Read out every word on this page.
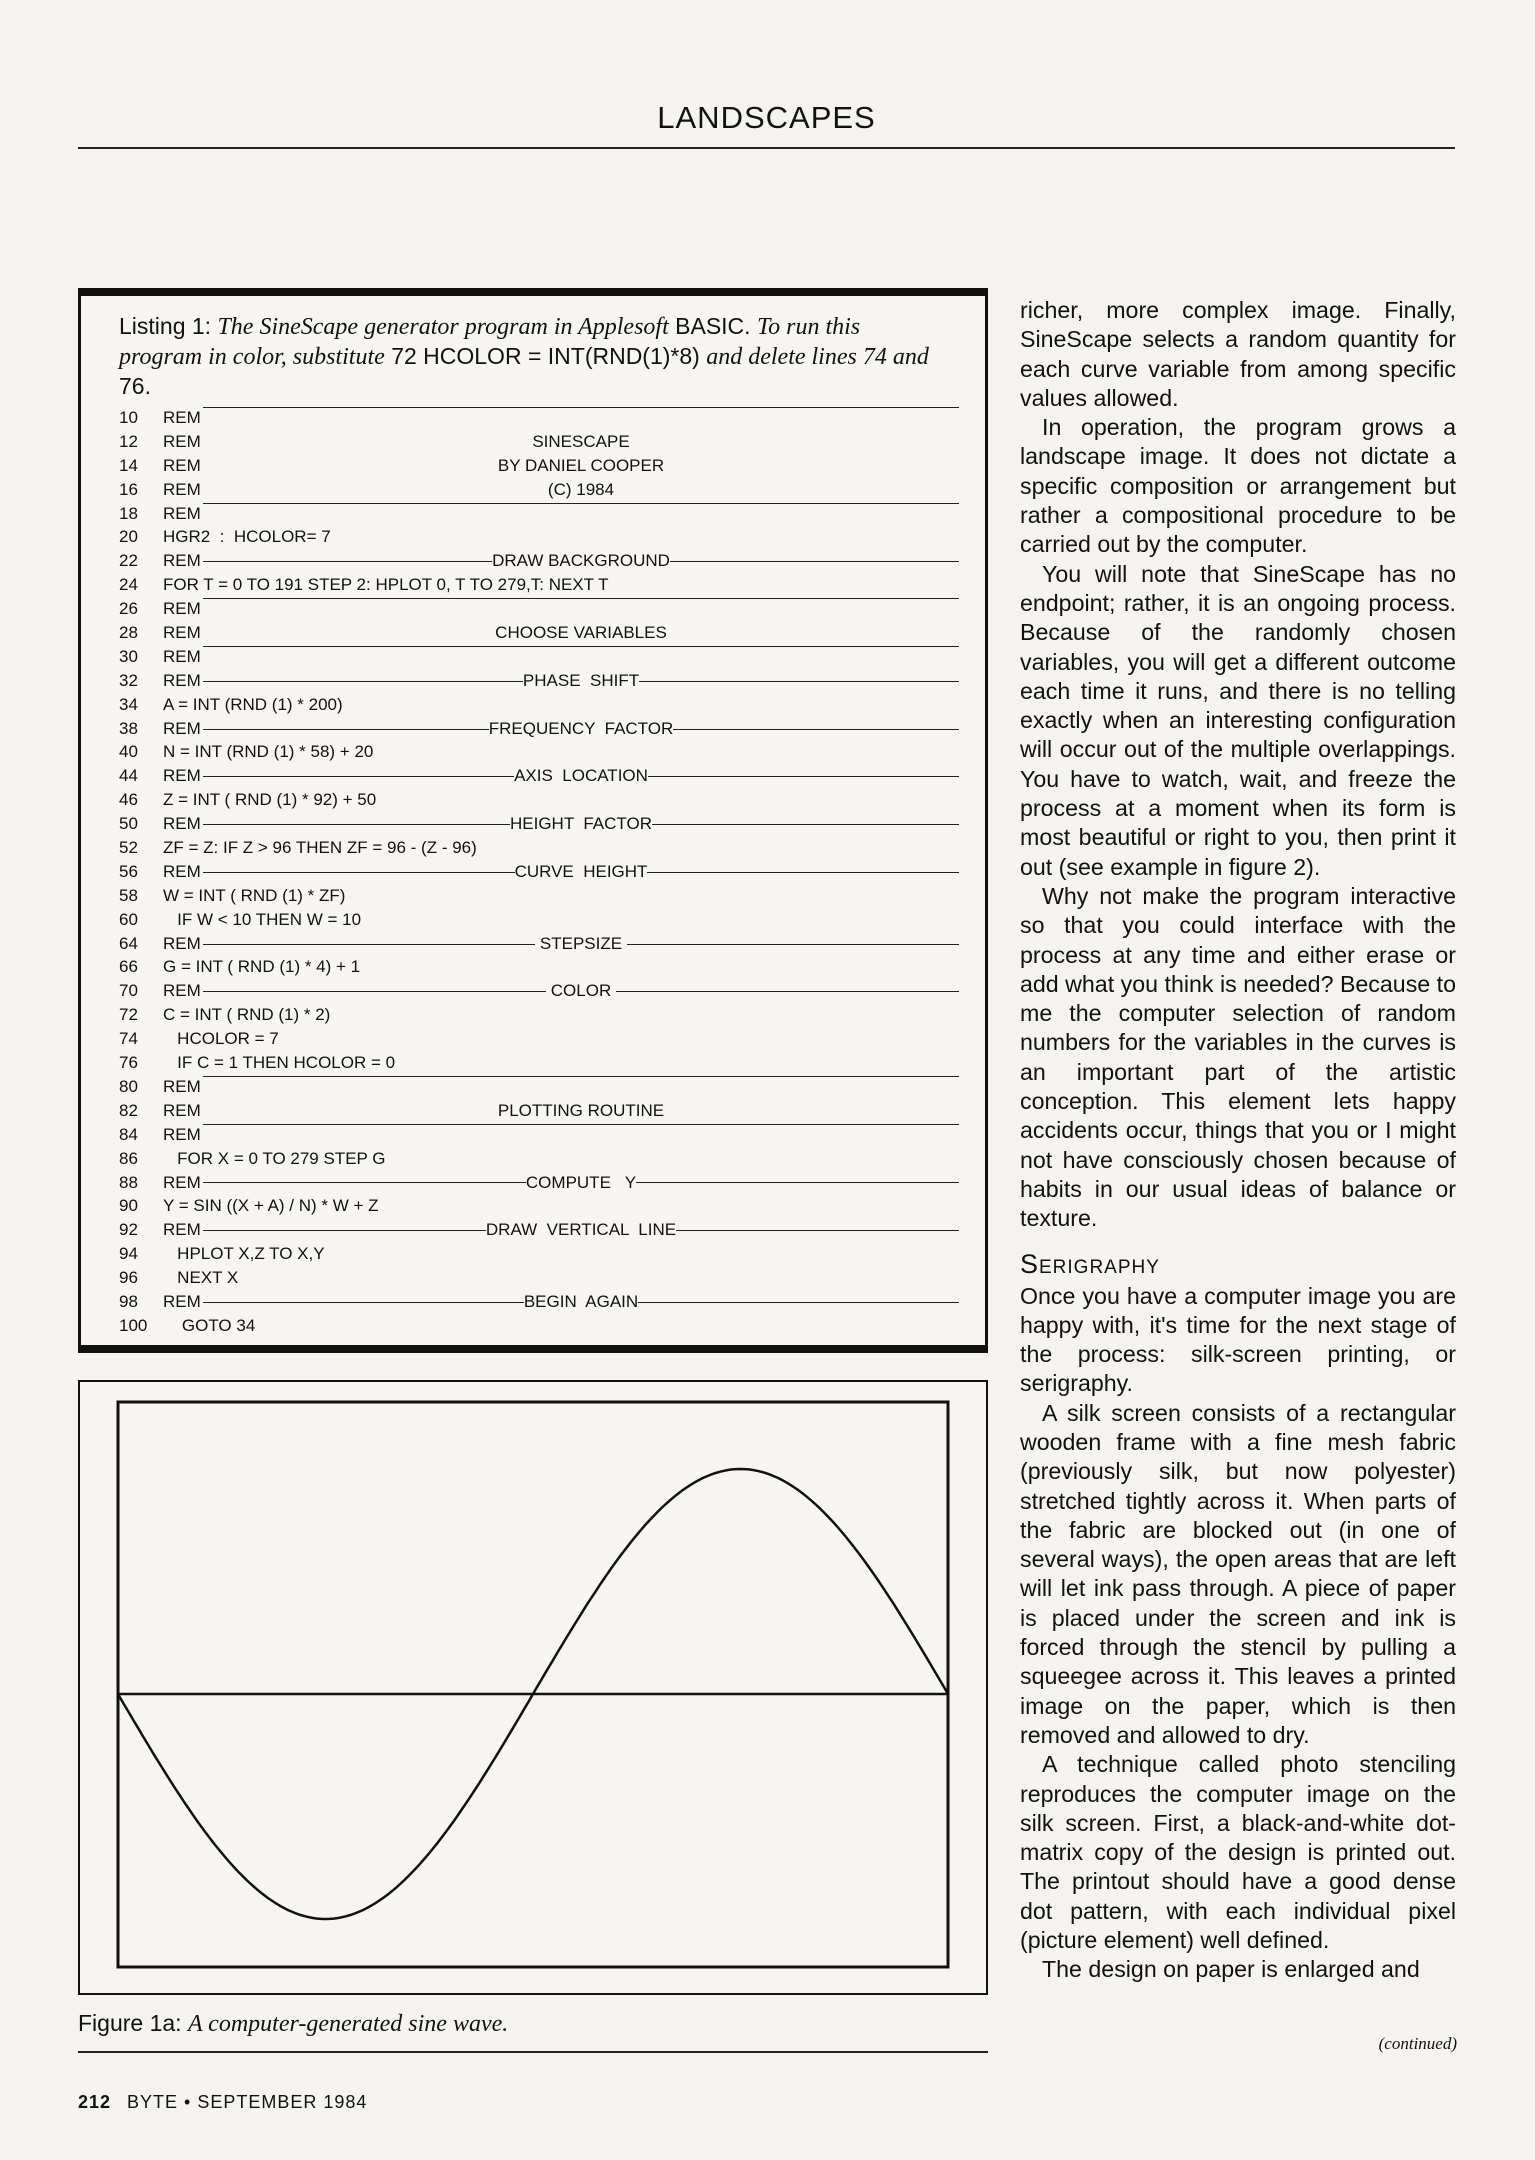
LANDSCAPES
Listing 1: The SineScape generator program in Applesoft BASIC. To run this program in color, substitute 72 HCOLOR = INT(RND(1)*8) and delete lines 74 and 76.
10	REM
12	REM	SINESCAPE
14	REM	BY DANIEL COOPER
16	REM	(C) 1984
18	REM
20	HGR2  :  HCOLOR= 7
22	REM	DRAW BACKGROUND
24	FOR T = 0 TO 191 STEP 2: HPLOT 0, T TO 279,T: NEXT T
26	REM
28	REM	CHOOSE VARIABLES
30	REM
32	REM	PHASE  SHIFT
34	A = INT (RND (1) * 200)
38	REM	FREQUENCY  FACTOR
40	N = INT (RND (1) * 58) + 20
44	REM	AXIS  LOCATION
46	Z = INT ( RND (1) * 92) + 50
50	REM	HEIGHT  FACTOR
52	ZF = Z: IF Z > 96 THEN ZF = 96 - (Z - 96)
56	REM	CURVE  HEIGHT
58	W = INT ( RND (1) * ZF)
60	IF W < 10 THEN W = 10
64	REM	STEPSIZE
66	G = INT ( RND (1) * 4) + 1
70	REM	COLOR
72	C = INT ( RND (1) * 2)
74	HCOLOR = 7
76	IF C = 1 THEN HCOLOR = 0
80	REM
82	REM	PLOTTING ROUTINE
84	REM
86	FOR X = 0 TO 279 STEP G
88	REM	COMPUTE   Y
90	Y = SIN ((X + A) / N) * W + Z
92	REM	DRAW  VERTICAL  LINE
94	HPLOT X,Z TO X,Y
96	NEXT X
98	REM	BEGIN  AGAIN
100 GOTO 34
Figure 1a: A computer-generated sine wave.

richer, more complex image. Finally, SineScape selects a random quantity for each curve variable from among specific values allowed.

In operation, the program grows a landscape image. It does not dictate a specific composition or arrangement but rather a compositional procedure to be carried out by the computer.

You will note that SineScape has no endpoint; rather, it is an ongoing process. Because of the randomly chosen variables, you will get a different outcome each time it runs, and there is no telling exactly when an interesting configuration will occur out of the multiple overlappings. You have to watch, wait, and freeze the process at a moment when its form is most beautiful or right to you, then print it out (see example in figure 2).

Why not make the program interactive so that you could interface with the process at any time and either erase or add what you think is needed? Because to me the computer selection of random numbers for the variables in the curves is an important part of the artistic conception. This element lets happy accidents occur, things that you or I might not have consciously chosen because of habits in our usual ideas of balance or texture.

Serigraphy

Once you have a computer image you are happy with, it's time for the next stage of the process: silk-screen printing, or serigraphy.

A silk screen consists of a rectangular wooden frame with a fine mesh fabric (previously silk, but now polyester) stretched tightly across it. When parts of the fabric are blocked out (in one of several ways), the open areas that are left will let ink pass through. A piece of paper is placed under the screen and ink is forced through the stencil by pulling a squeegee across it. This leaves a printed image on the paper, which is then removed and allowed to dry.

A technique called photo stenciling reproduces the computer image on the silk screen. First, a black-and-white dot-matrix copy of the design is printed out. The printout should have a good dense dot pattern, with each individual pixel (picture element) well defined.

The design on paper is enlarged and

(continued)
212 BYTE • SEPTEMBER 1984
